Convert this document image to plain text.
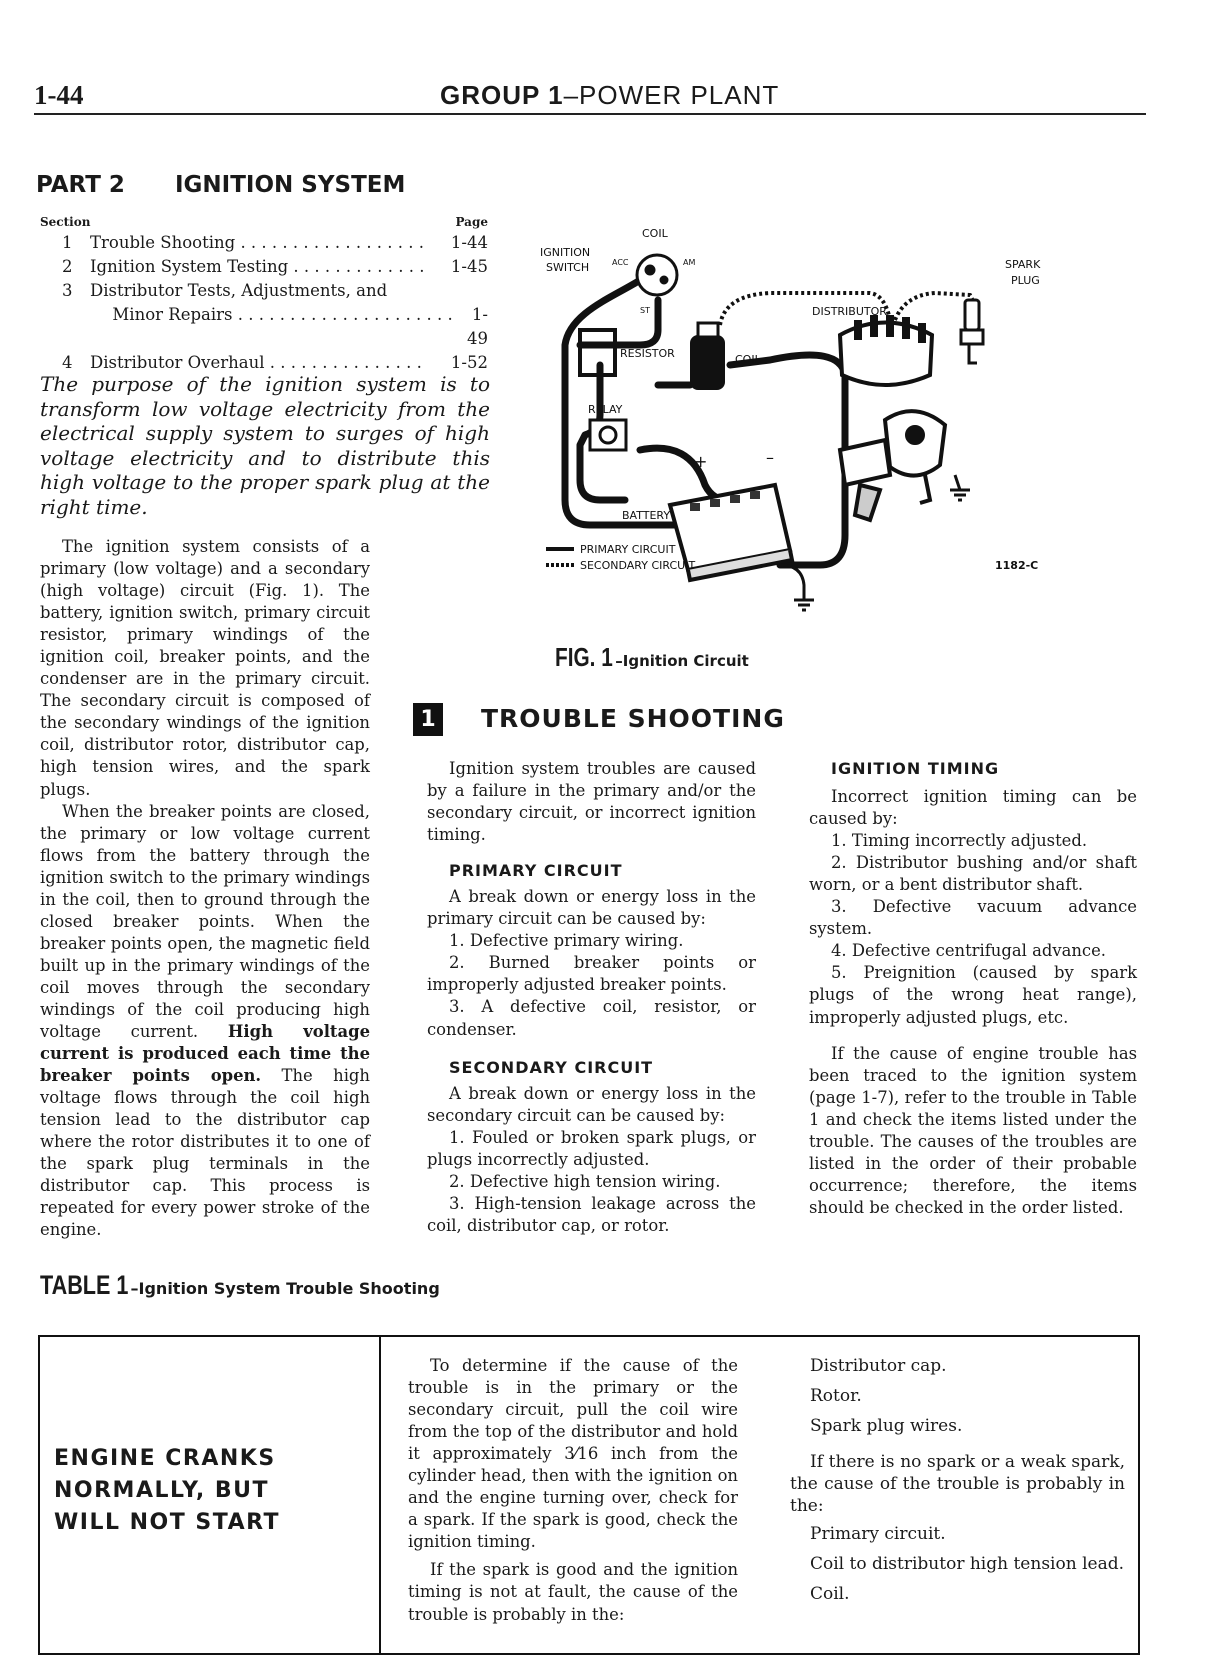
1-44	GROUP 1–POWER PLANT
PART 2 IGNITION SYSTEM
Section	Page
1	Trouble Shooting . . . . . . . . . . . . . . . . . .	1-44
2	Ignition System Testing . . . . . . . . . . . . .	1-45
3	Distributor Tests, Adjustments, and
Minor Repairs . . . . . . . . . . . . . . . . . . . . .	1-49
4	Distributor Overhaul . . . . . . . . . . . . . . .	1-52
The purpose of the ignition system is to transform low voltage electricity from the electrical supply system to surges of high voltage electricity and to distribute this high voltage to the proper spark plug at the right time.

The ignition system consists of a primary (low voltage) and a secondary (high voltage) circuit (Fig. 1). The battery, ignition switch, primary circuit resistor, primary windings of the ignition coil, breaker points, and the condenser are in the primary circuit. The secondary circuit is composed of the secondary windings of the ignition coil, distributor rotor, distributor cap, high tension wires, and the spark plugs.

When the breaker points are closed, the primary or low voltage current flows from the battery through the ignition switch to the primary windings in the coil, then to ground through the closed breaker points. When the breaker points open, the magnetic field built up in the primary windings of the coil moves through the secondary windings of the coil producing high voltage current. High voltage current is produced each time the breaker points open. The high voltage flows through the coil high tension lead to the distributor cap where the rotor distributes it to one of the spark plug terminals in the distributor cap. This process is repeated for every power stroke of the engine.

COIL
IGNITION
SWITCH	ACC	AM
ST
SPARK
PLUG
DISTRIBUTOR
RESISTOR	COIL
RELAY
+	–
BATTERY
PRIMARY CIRCUIT
SECONDARY CIRCUIT	1182-C
FIG. 1 –Ignition Circuit
1 TROUBLE SHOOTING

Ignition system troubles are caused by a failure in the primary and/or the secondary circuit, or incorrect ignition timing.

PRIMARY CIRCUIT

A break down or energy loss in the primary circuit can be caused by:

1. Defective primary wiring.

2. Burned breaker points or improperly adjusted breaker points.

3. A defective coil, resistor, or condenser.

SECONDARY CIRCUIT

A break down or energy loss in the secondary circuit can be caused by:

1. Fouled or broken spark plugs, or plugs incorrectly adjusted.

2. Defective high tension wiring.

3. High-tension leakage across the coil, distributor cap, or rotor.

IGNITION TIMING

Incorrect ignition timing can be caused by:

1. Timing incorrectly adjusted.

2. Distributor bushing and/or shaft worn, or a bent distributor shaft.

3. Defective vacuum advance system.

4. Defective centrifugal advance.

5. Preignition (caused by spark plugs of the wrong heat range), improperly adjusted plugs, etc.

If the cause of engine trouble has been traced to the ignition system (page 1-7), refer to the trouble in Table 1 and check the items listed under the trouble. The causes of the troubles are listed in the order of their probable occurrence; therefore, the items should be checked in the order listed.

TABLE 1 –Ignition System Trouble Shooting
ENGINE CRANKS
NORMALLY, BUT
WILL NOT START

To determine if the cause of the trouble is in the primary or the secondary circuit, pull the coil wire from the top of the distributor and hold it approximately 3⁄16 inch from the cylinder head, then with the ignition on and the engine turning over, check for a spark. If the spark is good, check the ignition timing.

If the spark is good and the ignition timing is not at fault, the cause of the trouble is probably in the:

Distributor cap.

Rotor.

Spark plug wires.

If there is no spark or a weak spark, the cause of the trouble is probably in the:

Primary circuit.

Coil to distributor high tension lead.

Coil.
